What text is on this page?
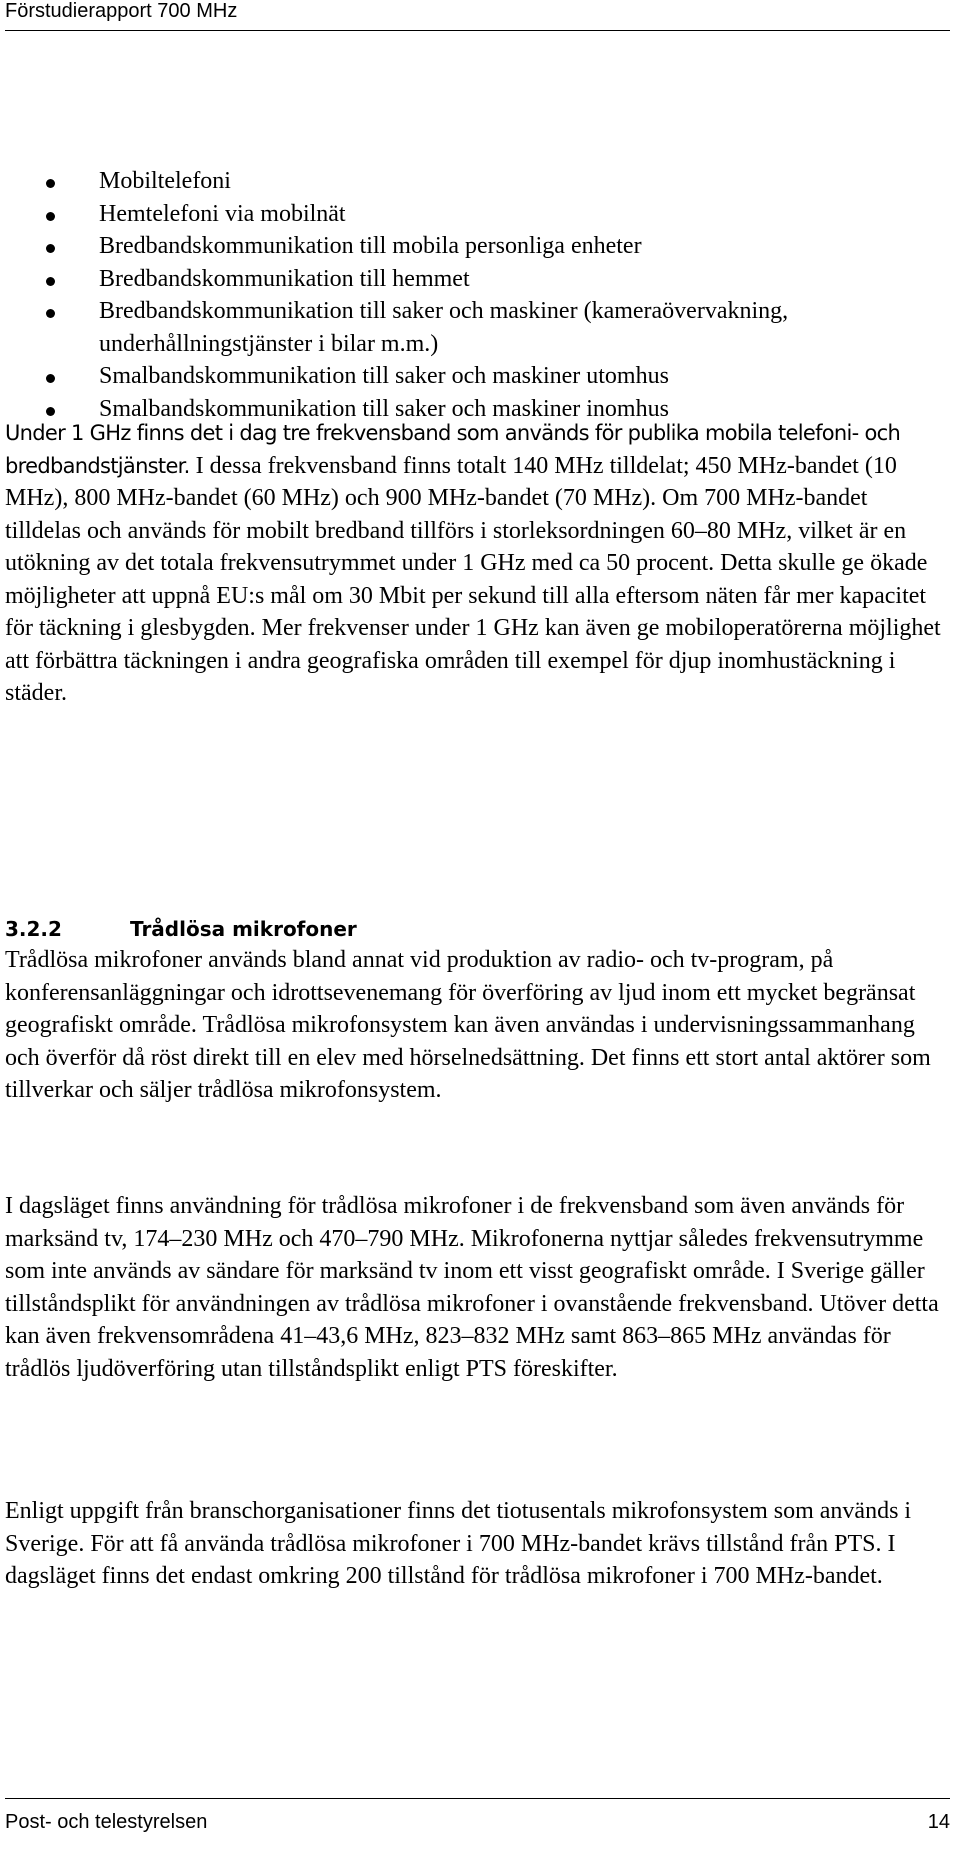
Förstudierapport 700 MHz
Mobiltelefoni
Hemtelefoni via mobilnät
Bredbandskommunikation till mobila personliga enheter
Bredbandskommunikation till hemmet
Bredbandskommunikation till saker och maskiner (kameraövervakning, underhållningstjänster i bilar m.m.)
Smalbandskommunikation till saker och maskiner utomhus
Smalbandskommunikation till saker och maskiner inomhus

Under 1 GHz finns det i dag tre frekvensband som används för publika mobila telefoni- och bredbandstjänster. I dessa frekvensband finns totalt 140 MHz tilldelat; 450 MHz-bandet (10 MHz), 800 MHz-bandet (60 MHz) och 900 MHz-bandet (70 MHz). Om 700 MHz-bandet tilldelas och används för mobilt bredband tillförs i storleksordningen 60–80 MHz, vilket är en utökning av det totala frekvensutrymmet under 1 GHz med ca 50 procent. Detta skulle ge ökade möjligheter att uppnå EU:s mål om 30 Mbit per sekund till alla eftersom näten får mer kapacitet för täckning i glesbygden. Mer frekvenser under 1 GHz kan även ge mobiloperatörerna möjlighet att förbättra täckningen i andra geografiska områden till exempel för djup inomhustäckning i städer.

3.2.2	Trådlösa mikrofoner

Trådlösa mikrofoner används bland annat vid produktion av radio- och tv-program, på konferensanläggningar och idrottsevenemang för överföring av ljud inom ett mycket begränsat geografiskt område. Trådlösa mikrofonsystem kan även användas i undervisningssammanhang och överför då röst direkt till en elev med hörselnedsättning. Det finns ett stort antal aktörer som tillverkar och säljer trådlösa mikrofonsystem.

I dagsläget finns användning för trådlösa mikrofoner i de frekvensband som även används för marksänd tv, 174–230 MHz och 470–790 MHz. Mikrofonerna nyttjar således frekvensutrymme som inte används av sändare för marksänd tv inom ett visst geografiskt område. I Sverige gäller tillståndsplikt för användningen av trådlösa mikrofoner i ovanstående frekvensband. Utöver detta kan även frekvensområdena 41–43,6 MHz, 823–832 MHz samt 863–865 MHz användas för trådlös ljudöverföring utan tillståndsplikt enligt PTS föreskifter.

Enligt uppgift från branschorganisationer finns det tiotusentals mikrofonsystem som används i Sverige. För att få använda trådlösa mikrofoner i 700 MHz-bandet krävs tillstånd från PTS. I dagsläget finns det endast omkring 200 tillstånd för trådlösa mikrofoner i 700 MHz-bandet.

Post- och telestyrelsen	14
